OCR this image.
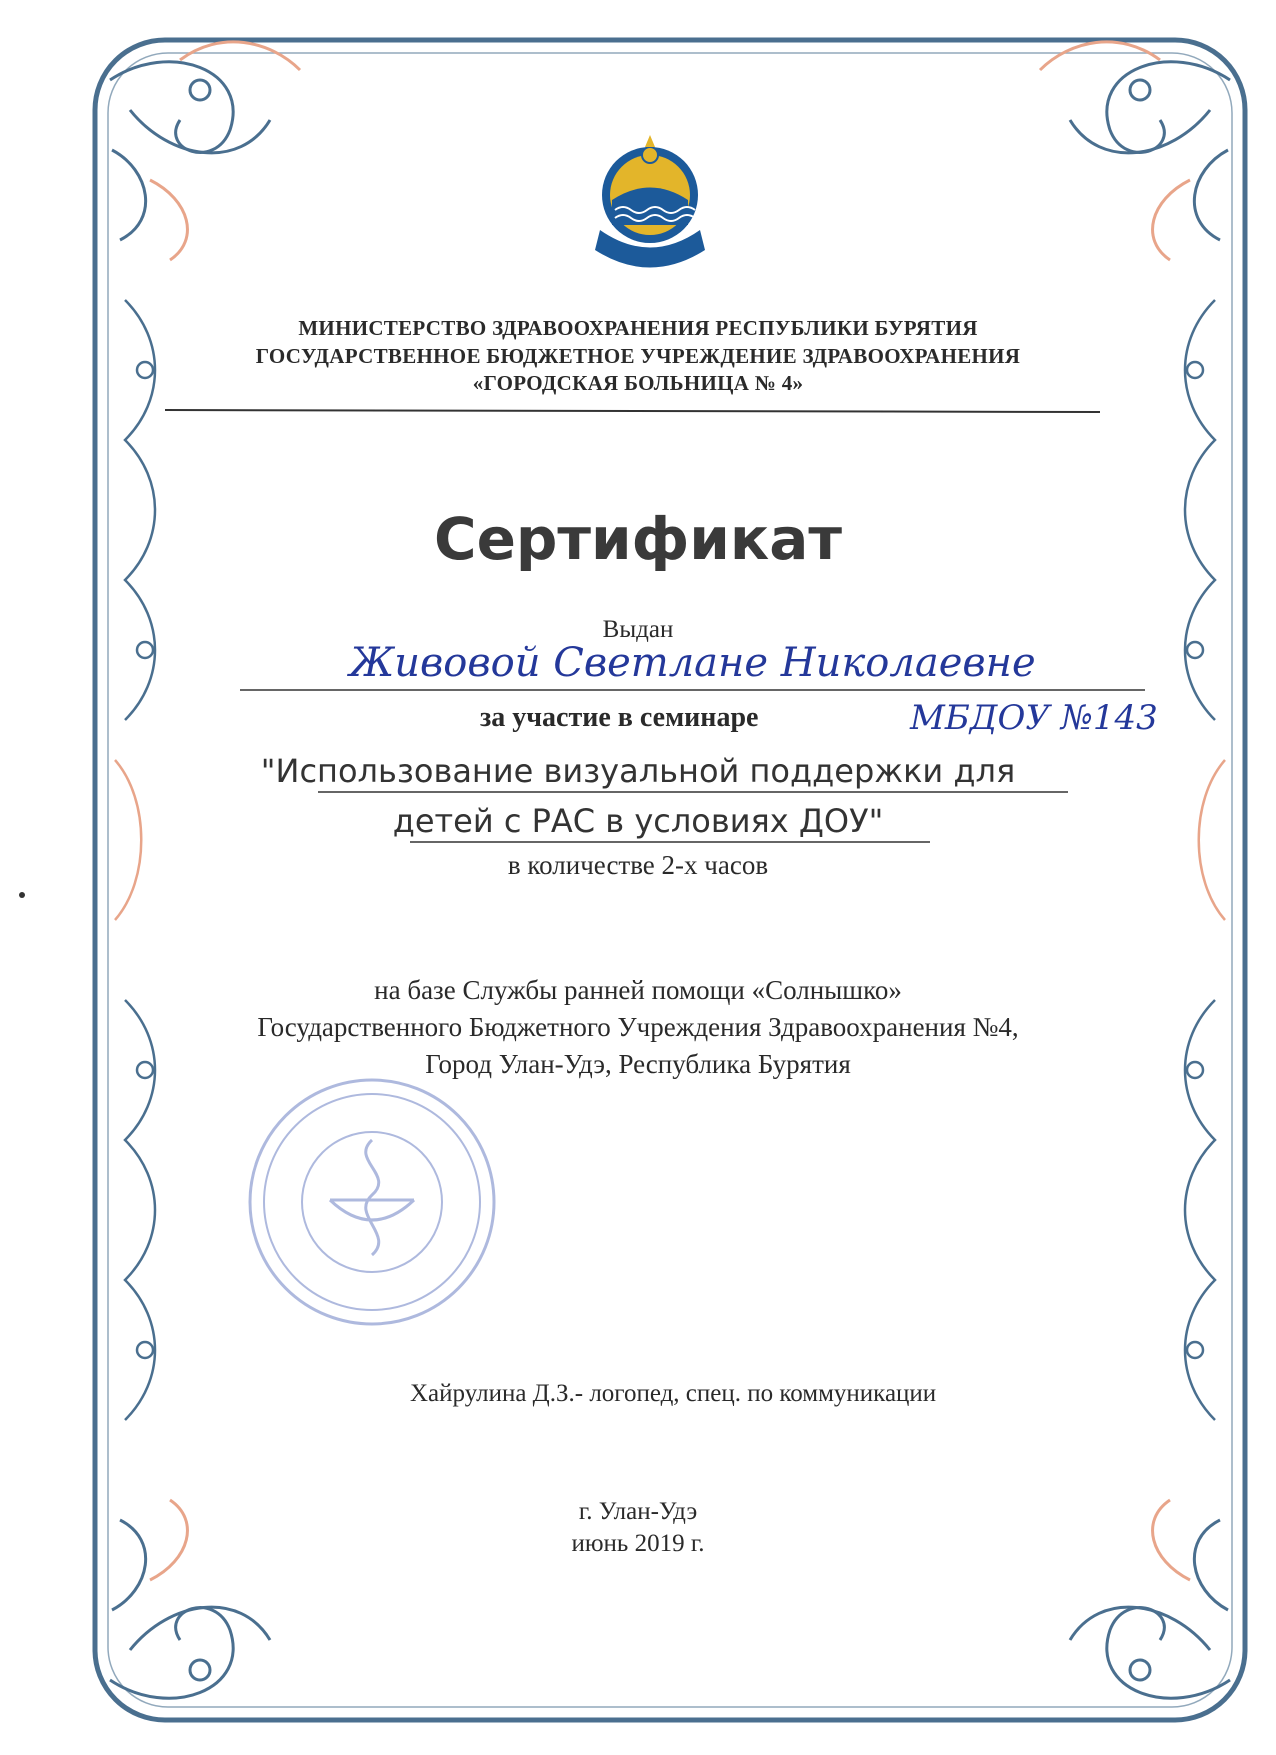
МИНИСТЕРСТВО ЗДРАВООХРАНЕНИЯ РЕСПУБЛИКИ БУРЯТИЯ
ГОСУДАРСТВЕННОЕ БЮДЖЕТНОЕ УЧРЕЖДЕНИЕ ЗДРАВООХРАНЕНИЯ
«ГОРОДСКАЯ БОЛЬНИЦА № 4»
Сертификат
Выдан
Живовой Светлане Николаевне
за участие в семинаре	МБДОУ №143
"Использование визуальной поддержки для
детей с РАС в условиях ДОУ"
в количестве 2-х часов
на базе Службы ранней помощи «Солнышко»
Государственного Бюджетного Учреждения Здравоохранения №4,
Город Улан-Удэ, Республика Бурятия
Хайрулина Д.З.- логопед, спец. по коммуникации
г. Улан-Удэ
июнь 2019 г.
